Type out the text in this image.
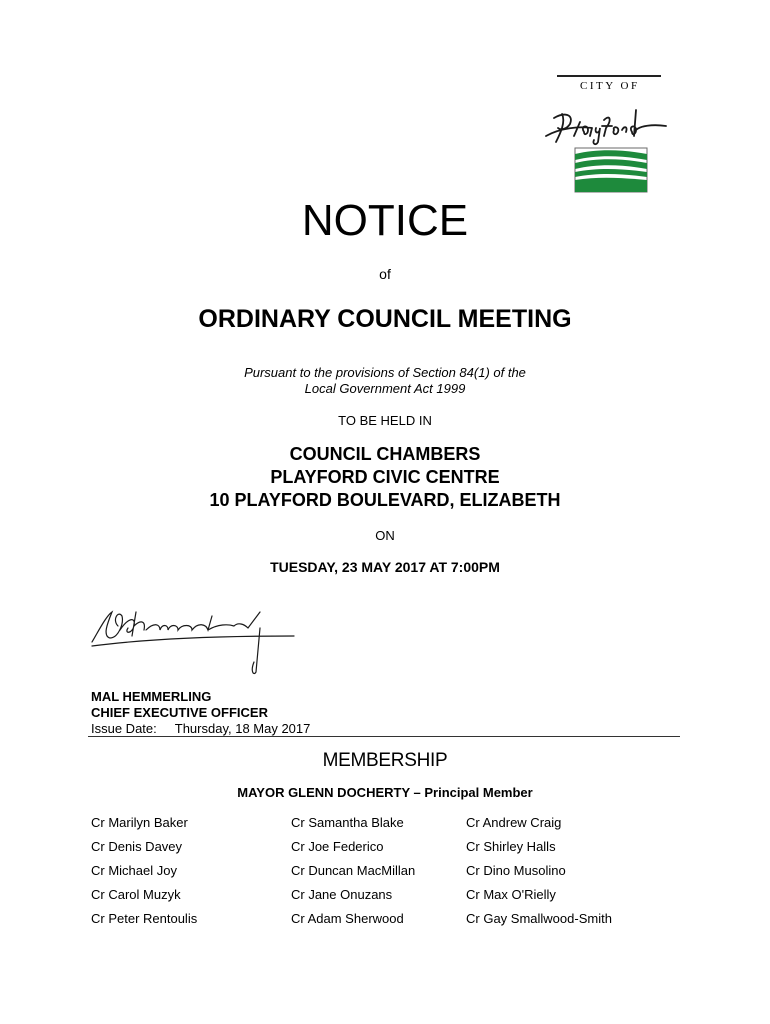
CITY OF
NOTICE
of
ORDINARY COUNCIL MEETING
Pursuant to the provisions of Section 84(1) of the
Local Government Act 1999
TO BE HELD IN
COUNCIL CHAMBERS
PLAYFORD CIVIC CENTRE
10 PLAYFORD BOULEVARD, ELIZABETH
ON
TUESDAY, 23 MAY 2017 AT 7:00PM
MAL HEMMERLING
CHIEF EXECUTIVE OFFICER
Issue Date: Thursday, 18 May 2017
MEMBERSHIP
MAYOR GLENN DOCHERTY – Principal Member
Cr Marilyn Baker	Cr Samantha Blake	Cr Andrew Craig
Cr Denis Davey	Cr Joe Federico	Cr Shirley Halls
Cr Michael Joy	Cr Duncan MacMillan	Cr Dino Musolino
Cr Carol Muzyk	Cr Jane Onuzans	Cr Max O'Rielly
Cr Peter Rentoulis	Cr Adam Sherwood	Cr Gay Smallwood-Smith
